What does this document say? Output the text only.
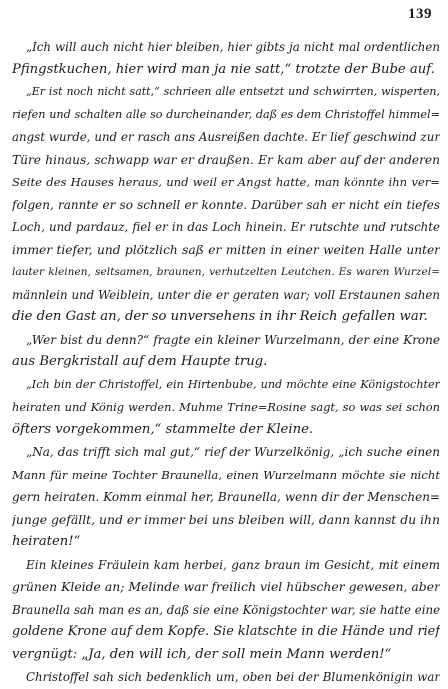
139
„Ich will auch nicht hier bleiben, hier gibts ja nicht mal ordentlichen
Pfingstkuchen, hier wird man ja nie satt,“ trotzte der Bube auf.
„Er ist noch nicht satt,“ schrieen alle entsetzt und schwirrten, wisperten,
riefen und schalten alle so durcheinander, daß es dem Christoffel himmel=
angst wurde, und er rasch ans Ausreißen dachte. Er lief geschwind zur
Türe hinaus, schwapp war er draußen. Er kam aber auf der anderen
Seite des Hauses heraus, und weil er Angst hatte, man könnte ihn ver=
folgen, rannte er so schnell er konnte. Darüber sah er nicht ein tiefes
Loch, und pardauz, fiel er in das Loch hinein. Er rutschte und rutschte
immer tiefer, und plötzlich saß er mitten in einer weiten Halle unter
lauter kleinen, seltsamen, braunen, verhutzelten Leutchen. Es waren Wurzel=
männlein und Weiblein, unter die er geraten war; voll Erstaunen sahen
die den Gast an, der so unversehens in ihr Reich gefallen war.
„Wer bist du denn?“ fragte ein kleiner Wurzelmann, der eine Krone
aus Bergkristall auf dem Haupte trug.
„Ich bin der Christoffel, ein Hirtenbube, und möchte eine Königstochter
heiraten und König werden. Muhme Trine=Rosine sagt, so was sei schon
öfters vorgekommen,“ stammelte der Kleine.
„Na, das trifft sich mal gut,“ rief der Wurzelkönig, „ich suche einen
Mann für meine Tochter Braunella, einen Wurzelmann möchte sie nicht
gern heiraten. Komm einmal her, Braunella, wenn dir der Menschen=
junge gefällt, und er immer bei uns bleiben will, dann kannst du ihn
heiraten!“
Ein kleines Fräulein kam herbei, ganz braun im Gesicht, mit einem
grünen Kleide an; Melinde war freilich viel hübscher gewesen, aber
Braunella sah man es an, daß sie eine Königstochter war, sie hatte eine
goldene Krone auf dem Kopfe. Sie klatschte in die Hände und rief
vergnügt: „Ja, den will ich, der soll mein Mann werden!“
Christoffel sah sich bedenklich um, oben bei der Blumenkönigin war
